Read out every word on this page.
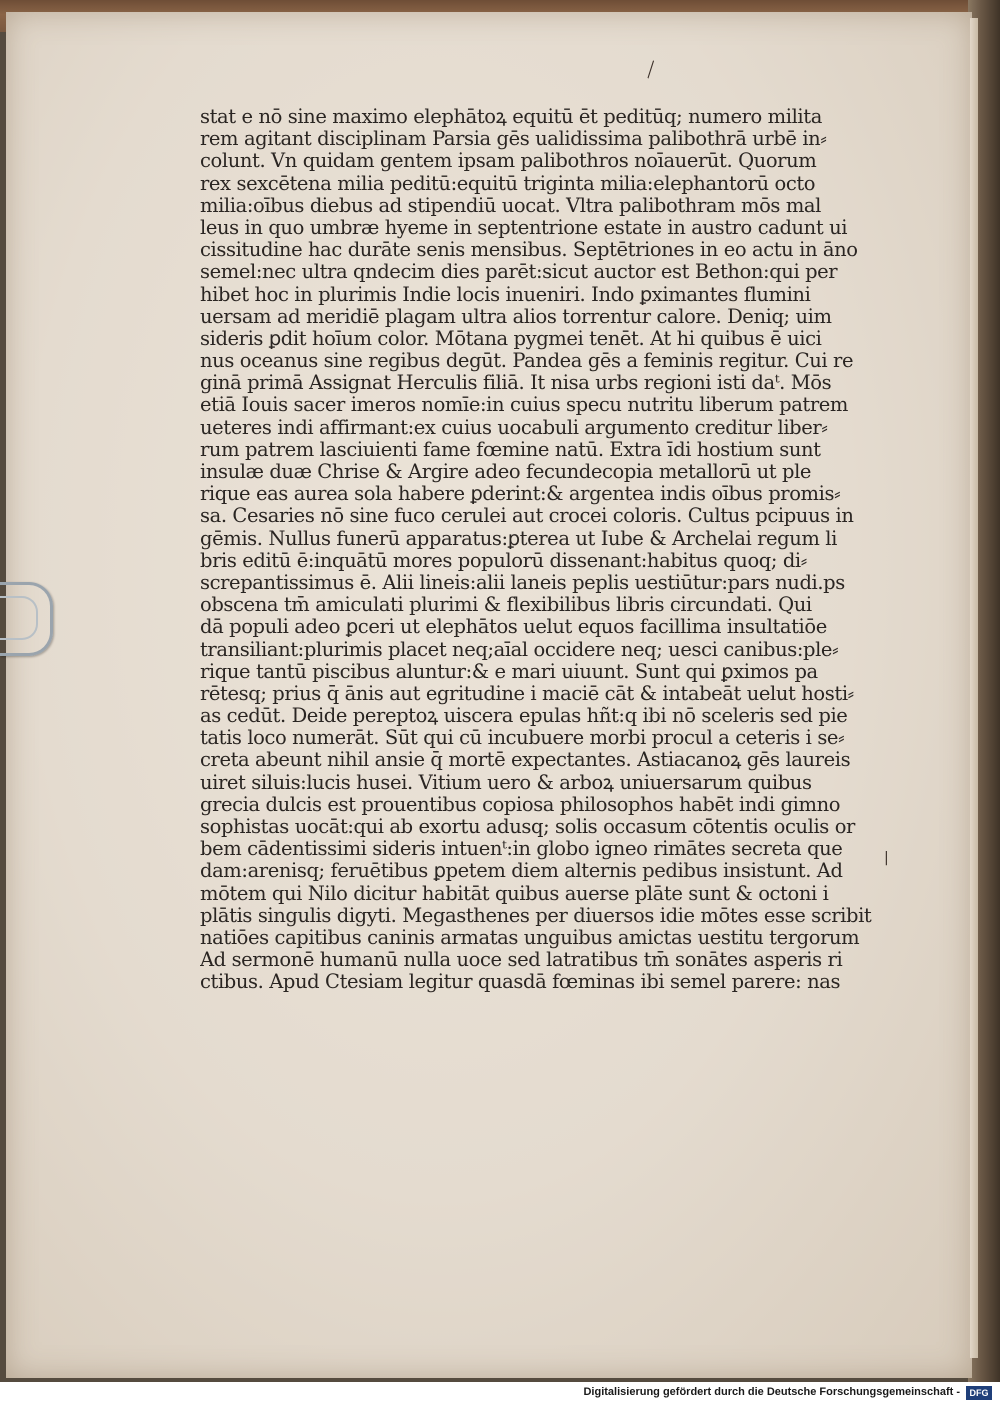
╲
|
stat e nō sine maximo elephātoꝝ equitū ēt peditūq; numero milita
rem agitant disciplinam Parsia gēs ualidissima palibothrā urbē in⸗
colunt. Vn quidam gentem ipsam palibothros noīauerūt. Quorum
rex sexcētena milia peditū:equitū triginta milia:elephantorū octo
milia:oībus diebus ad stipendiū uocat. Vltra palibothram mōs mal
leus in quo umbræ hyeme in septentrione estate in austro cadunt ui
cissitudine hac durāte senis mensibus. Septētriones in eo actu in āno
semel:nec ultra qndecim dies parēt:sicut auctor est Bethon:qui per
hibet hoc in plurimis Indie locis inueniri. Indo ꝑximantes flumini
uersam ad meridiē plagam ultra alios torrentur calore. Deniq; uim
sideris ꝑdit hoīum color. Mōtana pygmei tenēt. At hi quibus ē uici
nus oceanus sine regibus degūt. Pandea gēs a feminis regitur. Cui re
ginā primā Assignat Herculis filiā. It nisa urbs regioni isti daᵗ. Mōs
etiā Iouis sacer imeros nomīe:in cuius specu nutritu liberum patrem
ueteres indi affirmant:ex cuius uocabuli argumento creditur liber⸗
rum patrem lasciuienti fame fœmine natū. Extra īdi hostium sunt
insulæ duæ Chrise & Argire adeo fecundecopia metallorū ut ple
rique eas aurea sola habere ꝑderint:& argentea indis oībus promis⸗
sa. Cesaries nō sine fuco cerulei aut crocei coloris. Cultus pcipuus in
gēmis. Nullus funerū apparatus:ꝑterea ut Iube & Archelai regum li
bris editū ē:inquātū mores populorū dissenant:habitus quoq; di⸗
screpantissimus ē. Alii lineis:alii laneis peplis uestiūtur:pars nudi.ps
obscena tm̄ amiculati plurimi & flexibilibus libris circundati. Qui
dā populi adeo ꝑceri ut elephātos uelut equos facillima insultatiōe
transiliant:plurimis placet neq;aīal occidere neq; uesci canibus:ple⸗
rique tantū piscibus aluntur:& e mari uiuunt. Sunt qui ꝑximos pa
rētesq; prius q̄ ānis aut egritudine i maciē cāt & intabeāt uelut hosti⸗
as cedūt. Deide pereptoꝝ uiscera epulas hñt:q ibi nō sceleris sed pie
tatis loco numerāt. Sūt qui cū incubuere morbi procul a ceteris i se⸗
creta abeunt nihil ansie q̄ mortē expectantes. Astiacanoꝝ gēs laureis
uiret siluis:lucis husei. Vitium uero & arboꝝ uniuersarum quibus
grecia dulcis est prouentibus copiosa philosophos habēt indi gimno
sophistas uocāt:qui ab exortu adusq; solis occasum cōtentis oculis or
bem cādentissimi sideris intuenᵗ:in globo igneo rimātes secreta que
dam:arenisq; feruētibus ꝑpetem diem alternis pedibus insistunt. Ad
mōtem qui Nilo dicitur habitāt quibus auerse plāte sunt & octoni i
plātis singulis digyti. Megasthenes per diuersos idie mōtes esse scribit
natiōes capitibus caninis armatas unguibus amictas uestitu tergorum
Ad sermonē humanū nulla uoce sed latratibus tm̄ sonātes asperis ri
ctibus. Apud Ctesiam legitur quasdā fœminas ibi semel parere: nas
Digitalisierung gefördert durch die Deutsche Forschungsgemeinschaft -	DFG
